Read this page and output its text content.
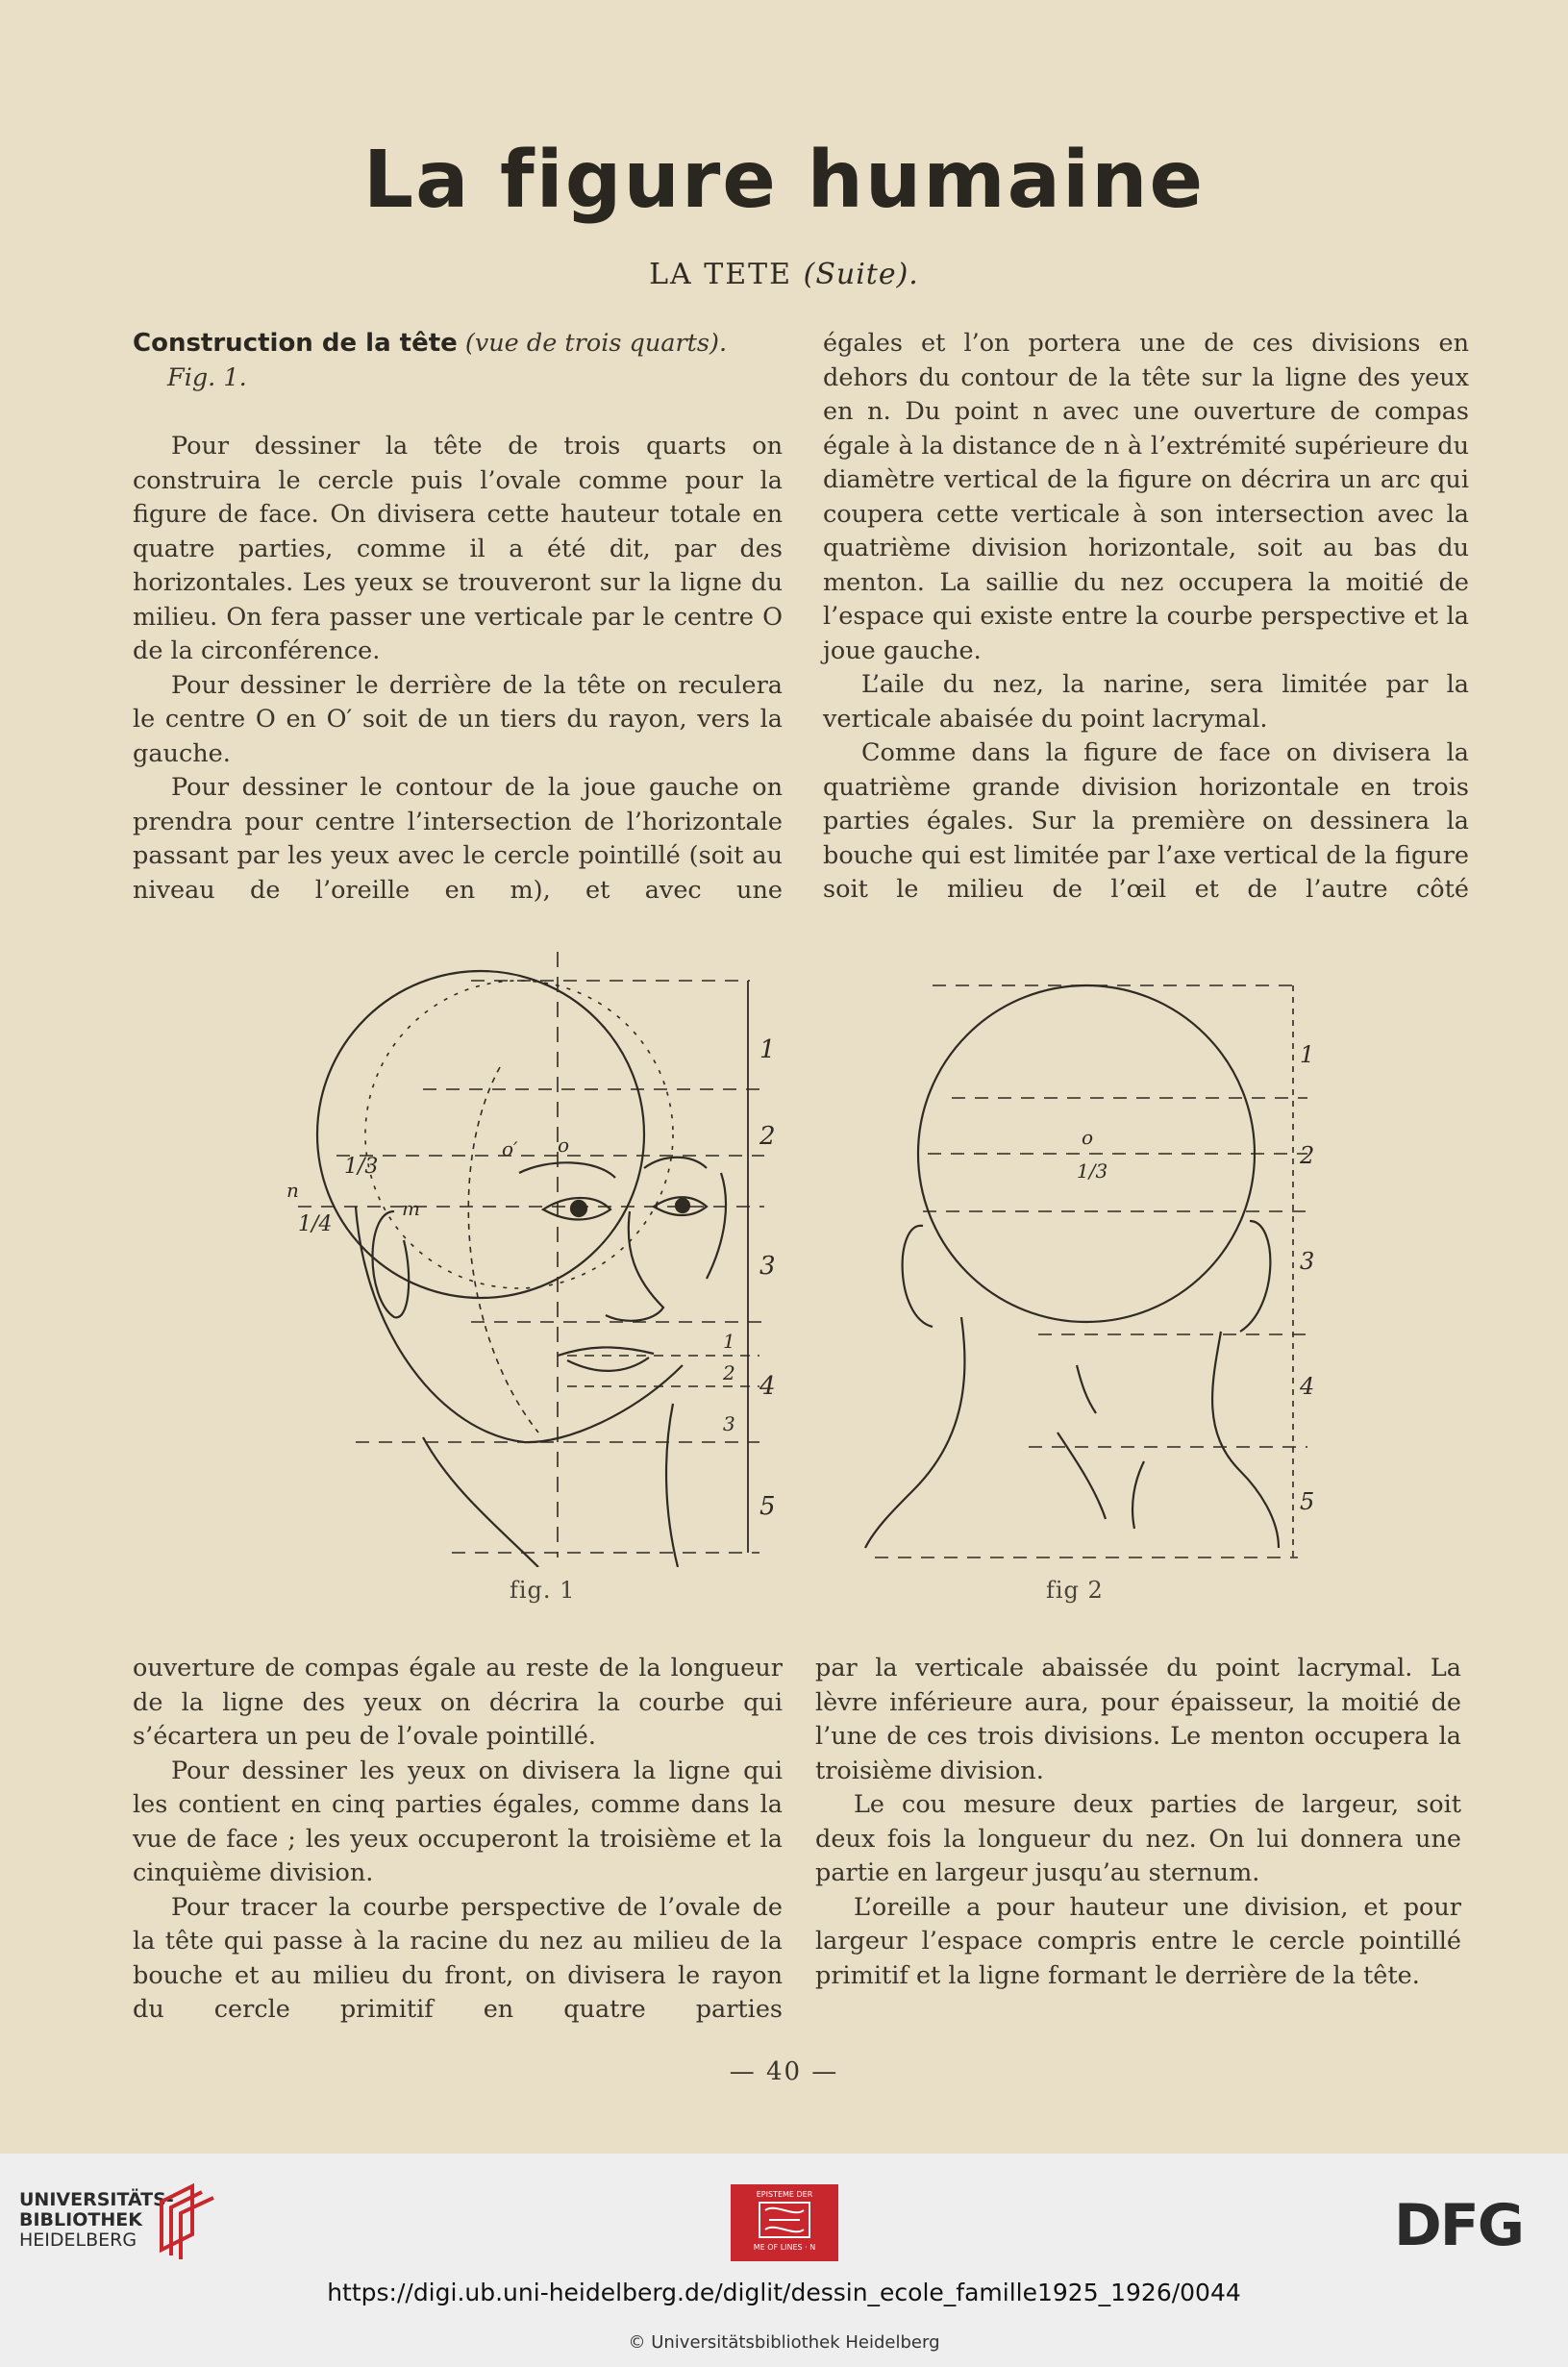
La figure humaine
LA TETE (Suite).

Construction de la tête (vue de trois quarts).

Fig. 1.

Pour dessiner la tête de trois quarts on construira le cercle puis l’ovale comme pour la figure de face. On divisera cette hauteur totale en quatre parties, comme il a été dit, par des horizontales. Les yeux se trouveront sur la ligne du milieu. On fera passer une verticale par le centre O de la circonférence.

Pour dessiner le derrière de la tête on reculera le centre O en O′ soit de un tiers du rayon, vers la gauche.

Pour dessiner le contour de la joue gauche on prendra pour centre l’intersection de l’horizontale passant par les yeux avec le cercle pointillé (soit au niveau de l’oreille en m), et avec une

égales et l’on portera une de ces divisions en dehors du contour de la tête sur la ligne des yeux en n. Du point n avec une ouverture de compas égale à la distance de n à l’extrémité supérieure du diamètre vertical de la figure on décrira un arc qui coupera cette verticale à son intersection avec la quatrième division horizontale, soit au bas du menton. La saillie du nez occupera la moitié de l’espace qui existe entre la courbe perspective et la joue gauche.

L’aile du nez, la narine, sera limitée par la verticale abaisée du point lacrymal.

Comme dans la figure de face on divisera la quatrième grande division horizontale en trois parties égales. Sur la première on dessinera la bouche qui est limitée par l’axe vertical de la figure soit le milieu de l’œil et de l’autre côté

1
2
3
4
5
1
2
3
1/3
1/4
n
m
o
o′
fig. 1
o
1/3
1
2
3
4
5
fig 2

ouverture de compas égale au reste de la longueur de la ligne des yeux on décrira la courbe qui s’écartera un peu de l’ovale pointillé.

Pour dessiner les yeux on divisera la ligne qui les contient en cinq parties égales, comme dans la vue de face ; les yeux occuperont la troisième et la cinquième division.

Pour tracer la courbe perspective de l’ovale de la tête qui passe à la racine du nez au milieu de la bouche et au milieu du front, on divisera le rayon du cercle primitif en quatre parties

par la verticale abaissée du point lacrymal. La lèvre inférieure aura, pour épaisseur, la moitié de l’une de ces trois divisions. Le menton occupera la troisième division.

Le cou mesure deux parties de largeur, soit deux fois la longueur du nez. On lui donnera une partie en largeur jusqu’au sternum.

L’oreille a pour hauteur une division, et pour largeur l’espace compris entre le cercle pointillé primitif et la ligne formant le derrière de la tête.

— 40 —
UNIVERSITÄTS-
BIBLIOTHEK
HEIDELBERG
EPISTEME DER
ME OF LINES · N	DFG
https://digi.ub.uni-heidelberg.de/diglit/dessin_ecole_famille1925_1926/0044
© Universitätsbibliothek Heidelberg
